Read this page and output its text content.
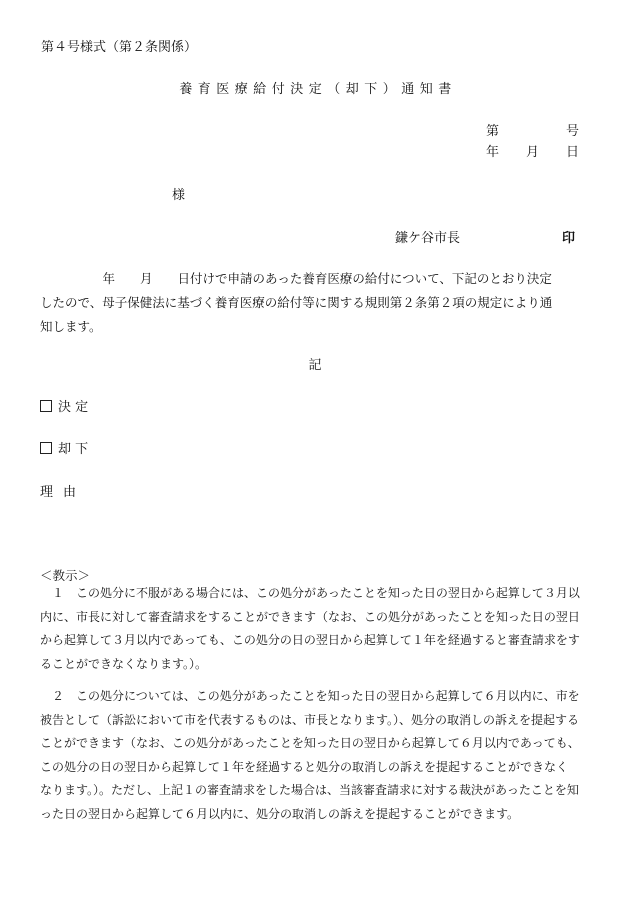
第４号様式（第２条関係）
養育医療給付決定（却下）通知書
第	号
年 月 日
様
鎌ケ谷市長	印
　　　　　年　　月　　日付けで申請のあった養育医療の給付について、下記のとおり決定
したので、母子保健法に基づく養育医療の給付等に関する規則第２条第２項の規定により通
知します。
記
決 定
却 下
理由
＜教示＞
　１　この処分に不服がある場合には、この処分があったことを知った日の翌日から起算して３月以
内に、市長に対して審査請求をすることができます（なお、この処分があったことを知った日の翌日
から起算して３月以内であっても、この処分の日の翌日から起算して１年を経過すると審査請求をす
ることができなくなります。）。
　２　この処分については、この処分があったことを知った日の翌日から起算して６月以内に、市を
被告として（訴訟において市を代表するものは、市長となります。）、処分の取消しの訴えを提起する
ことができます（なお、この処分があったことを知った日の翌日から起算して６月以内であっても、
この処分の日の翌日から起算して１年を経過すると処分の取消しの訴えを提起することができなく
なります。）。ただし、上記１の審査請求をした場合は、当該審査請求に対する裁決があったことを知
った日の翌日から起算して６月以内に、処分の取消しの訴えを提起することができます。
